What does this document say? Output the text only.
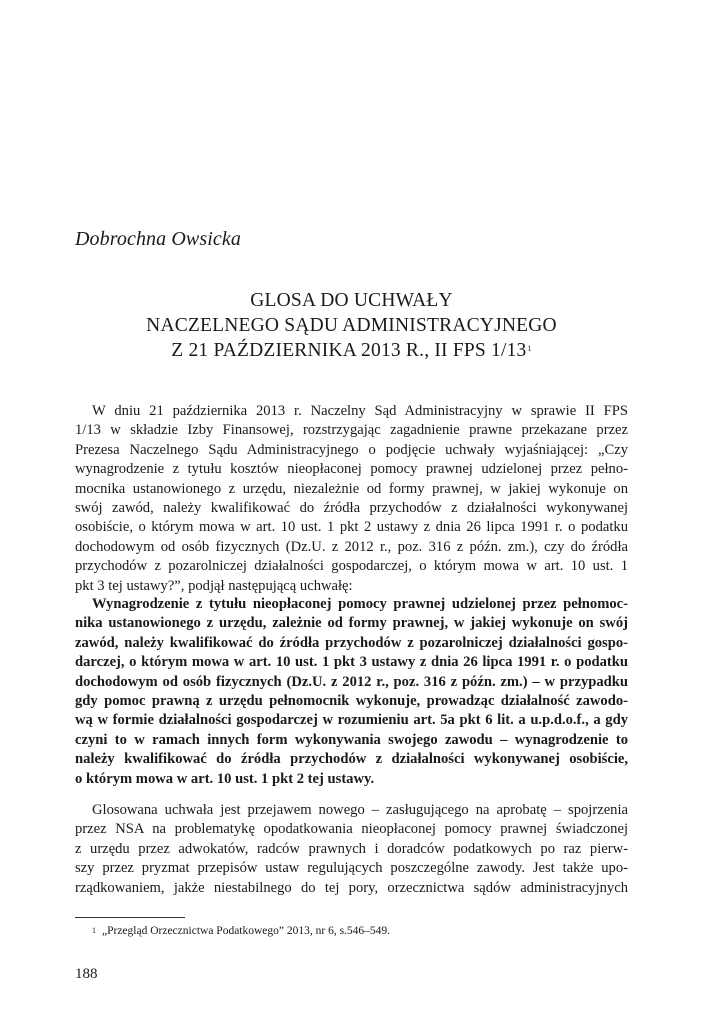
Dobrochna Owsicka
GLOSA DO UCHWAŁY
NACZELNEGO SĄDU ADMINISTRACYJNEGO
Z 21 PAŹDZIERNIKA 2013 R., II FPS $1/13^1$
W dniu 21 października 2013 r. Naczelny Sąd Administracyjny w sprawie II FPS
1/13 w składzie Izby Finansowej, rozstrzygając zagadnienie prawne przekazane przez
Prezesa Naczelnego Sądu Administracyjnego o podjęcie uchwały wyjaśniającej: „Czy
wynagrodzenie z tytułu kosztów nieopłaconej pomocy prawnej udzielonej przez pełno-
mocnika ustanowionego z urzędu, niezależnie od formy prawnej, w jakiej wykonuje on
swój zawód, należy kwalifikować do źródła przychodów z działalności wykonywanej
osobiście, o którym mowa w art. 10 ust. 1 pkt 2 ustawy z dnia 26 lipca 1991 r. o podatku
dochodowym od osób fizycznych (Dz.U. z 2012 r., poz. 316 z późn. zm.), czy do źródła
przychodów z pozarolniczej działalności gospodarczej, o którym mowa w art. 10 ust. 1
pkt 3 tej ustawy?”, podjął następującą uchwałę:
Wynagrodzenie z tytułu nieopłaconej pomocy prawnej udzielonej przez pełnomoc-
nika ustanowionego z urzędu, zależnie od formy prawnej, w jakiej wykonuje on swój
zawód, należy kwalifikować do źródła przychodów z pozarolniczej działalności gospo-
darczej, o którym mowa w art. 10 ust. 1 pkt 3 ustawy z dnia 26 lipca 1991 r. o podatku
dochodowym od osób fizycznych (Dz.U. z 2012 r., poz. 316 z późn. zm.) – w przypadku
gdy pomoc prawną z urzędu pełnomocnik wykonuje, prowadząc działalność zawodo-
wą w formie działalności gospodarczej w rozumieniu art. 5a pkt 6 lit. a u.p.d.o.f., a gdy
czyni to w ramach innych form wykonywania swojego zawodu – wynagrodzenie to
należy kwalifikować do źródła przychodów z działalności wykonywanej osobiście,
o którym mowa w art. 10 ust. 1 pkt 2 tej ustawy.
Glosowana uchwała jest przejawem nowego – zasługującego na aprobatę – spojrzenia
przez NSA na problematykę opodatkowania nieopłaconej pomocy prawnej świadczonej
z urzędu przez adwokatów, radców prawnych i doradców podatkowych po raz pierw-
szy przez pryzmat przepisów ustaw regulujących poszczególne zawody. Jest także upo-
rządkowaniem, jakże niestabilnego do tej pory, orzecznictwa sądów administracyjnych
$^1$ „Przegląd Orzecznictwa Podatkowego” 2013, nr 6, s.546–549.
188
